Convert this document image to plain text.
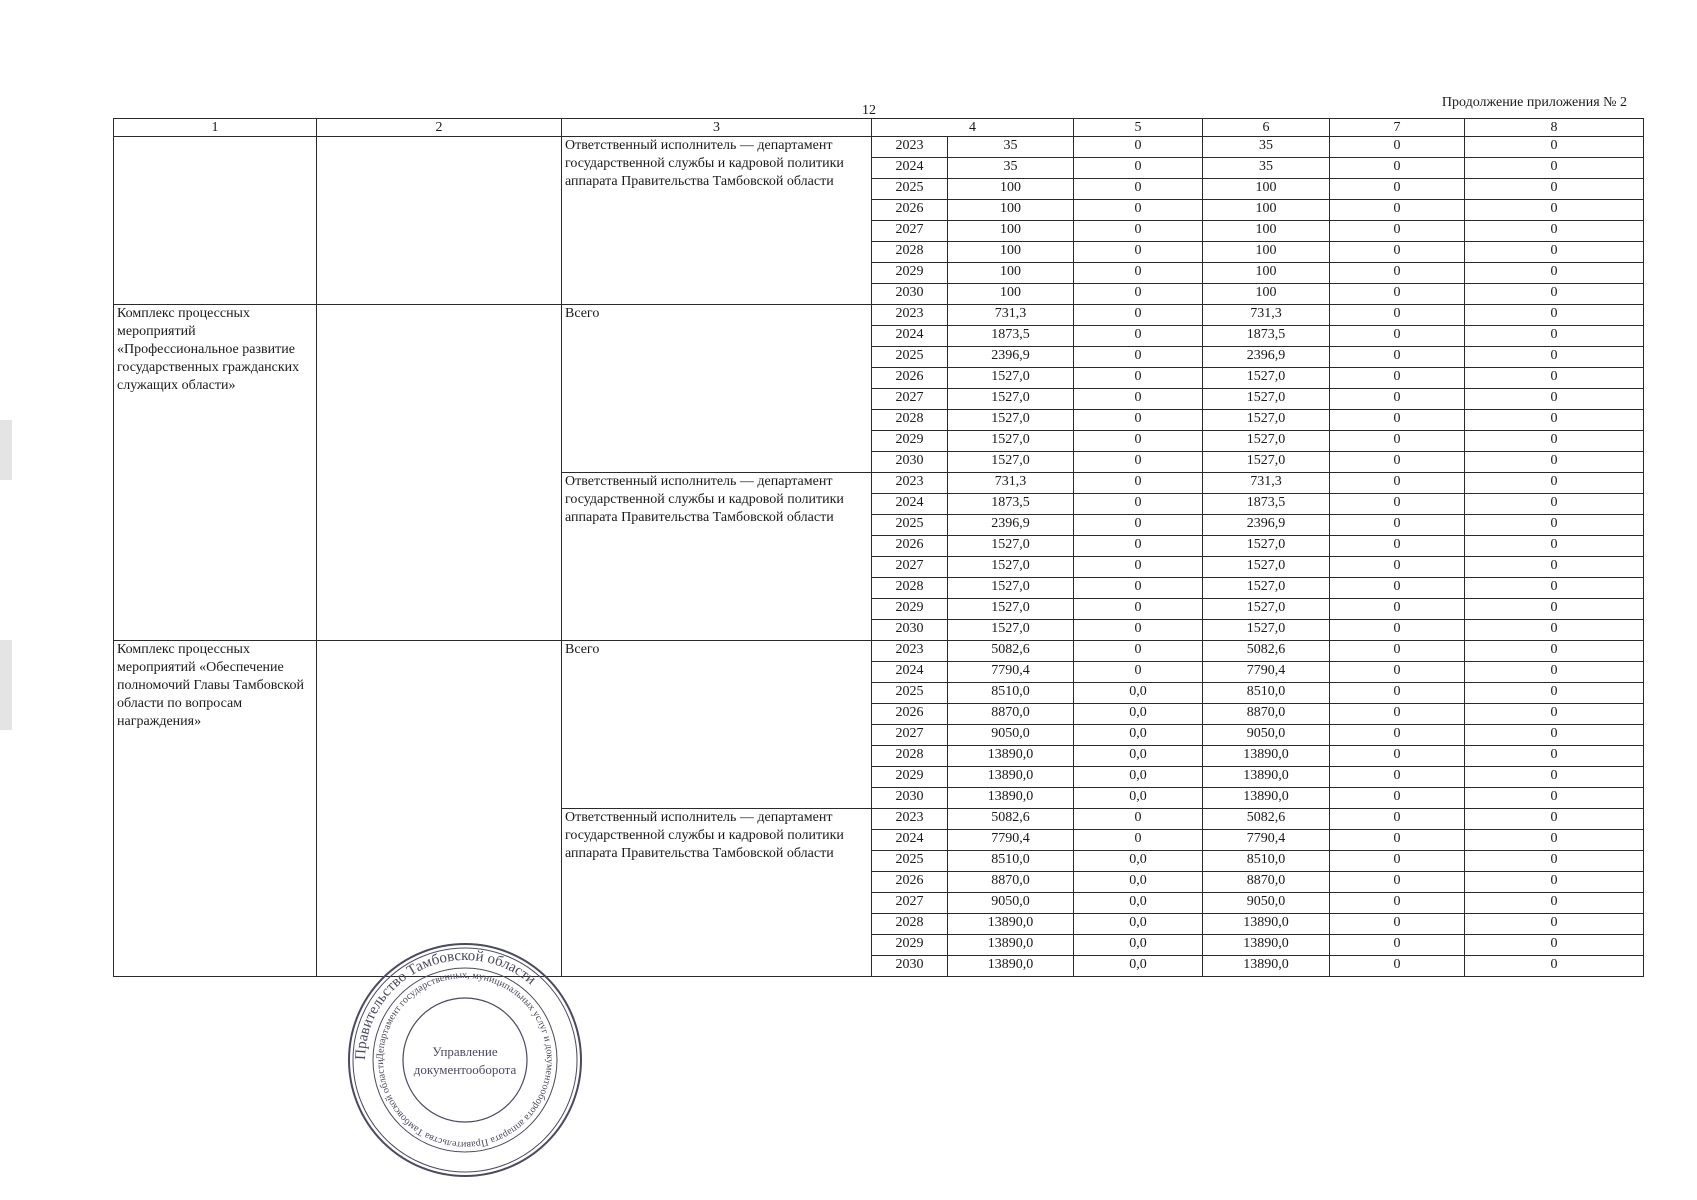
12
Продолжение приложения № 2
1	2	3	4		5	6	7	8
		Ответственный исполнитель — департамент государственной службы и кадровой политики аппарата Правительства Тамбовской области	2023	35	0	35	0	0
			2024	35	0	35	0	0
			2025	100	0	100	0	0
			2026	100	0	100	0	0
			2027	100	0	100	0	0
			2028	100	0	100	0	0
			2029	100	0	100	0	0
			2030	100	0	100	0	0
Комплекс процессных мероприятий «Профессиональное развитие государственных гражданских служащих области»		Всего	2023	731,3	0	731,3	0	0
			2024	1873,5	0	1873,5	0	0
			2025	2396,9	0	2396,9	0	0
			2026	1527,0	0	1527,0	0	0
			2027	1527,0	0	1527,0	0	0
			2028	1527,0	0	1527,0	0	0
			2029	1527,0	0	1527,0	0	0
			2030	1527,0	0	1527,0	0	0
		Ответственный исполнитель — департамент государственной службы и кадровой политики аппарата Правительства Тамбовской области	2023	731,3	0	731,3	0	0
			2024	1873,5	0	1873,5	0	0
			2025	2396,9	0	2396,9	0	0
			2026	1527,0	0	1527,0	0	0
			2027	1527,0	0	1527,0	0	0
			2028	1527,0	0	1527,0	0	0
			2029	1527,0	0	1527,0	0	0
			2030	1527,0	0	1527,0	0	0
Комплекс процессных мероприятий «Обеспечение полномочий Главы Тамбовской области по вопросам награждения»		Всего	2023	5082,6	0	5082,6	0	0
			2024	7790,4	0	7790,4	0	0
			2025	8510,0	0,0	8510,0	0	0
			2026	8870,0	0,0	8870,0	0	0
			2027	9050,0	0,0	9050,0	0	0
			2028	13890,0	0,0	13890,0	0	0
			2029	13890,0	0,0	13890,0	0	0
			2030	13890,0	0,0	13890,0	0	0
		Ответственный исполнитель — департамент государственной службы и кадровой политики аппарата Правительства Тамбовской области	2023	5082,6	0	5082,6	0	0
			2024	7790,4	0	7790,4	0	0
			2025	8510,0	0,0	8510,0	0	0
			2026	8870,0	0,0	8870,0	0	0
			2027	9050,0	0,0	9050,0	0	0
			2028	13890,0	0,0	13890,0	0	0
			2029	13890,0	0,0	13890,0	0	0
			2030	13890,0	0,0	13890,0	0	0
Правительство Тамбовской области
Департамент государственных, муниципальных услуг и документооборота аппарата Правительства Тамбовской области
Управление
документооборота
